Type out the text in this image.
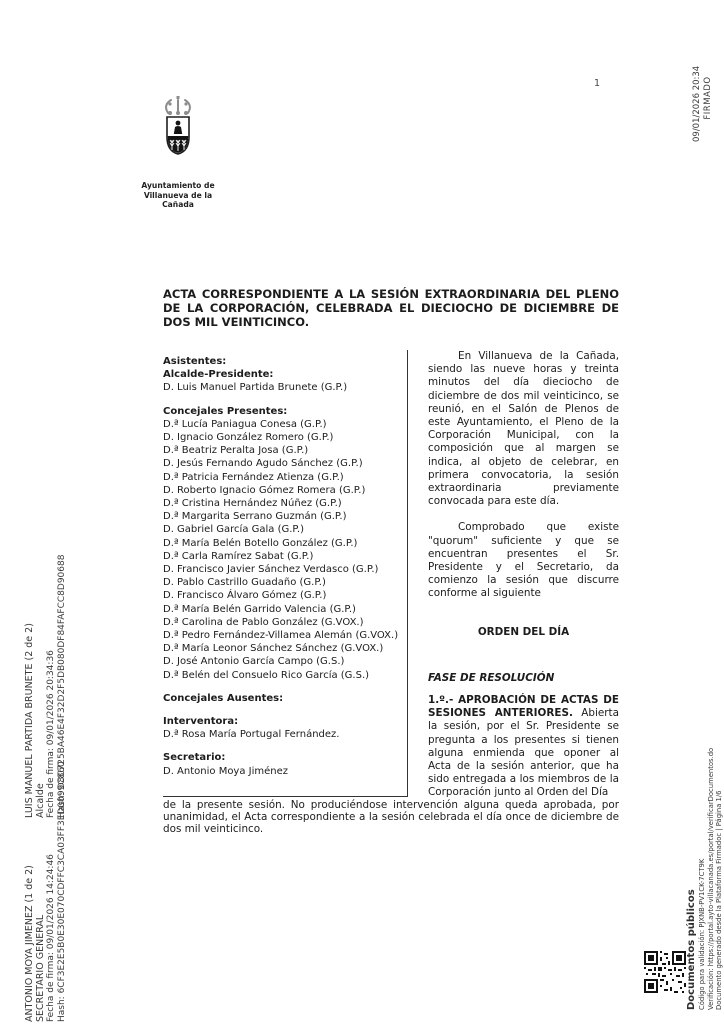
1	09/01/2026 20:34 FIRMADO
Ayuntamiento de
Villanueva de la Cañada
ACTA CORRESPONDIENTE A LA SESIÓN EXTRAORDINARIA DEL PLENO DE LA CORPORACIÓN, CELEBRADA EL DIECIOCHO DE DICIEMBRE DE DOS MIL VEINTICINCO.
Asistentes:
Alcalde-Presidente:
D. Luis Manuel Partida Brunete (G.P.)
Concejales Presentes:
D.ª Lucía Paniagua Conesa (G.P.)
D. Ignacio González Romero (G.P.)
D.ª Beatriz Peralta Josa (G.P.)
D. Jesús Fernando Agudo Sánchez (G.P.)
D.ª Patricia Fernández Atienza (G.P.)
D. Roberto Ignacio Gómez Romera (G.P.)
D.ª Cristina Hernández Núñez (G.P.)
D.ª Margarita Serrano Guzmán (G.P.)
D. Gabriel García Gala (G.P.)
D.ª María Belén Botello González (G.P.)
D.ª Carla Ramírez Sabat (G.P.)
D. Francisco Javier Sánchez Verdasco (G.P.)
D. Pablo Castrillo Guadaño (G.P.)
D. Francisco Álvaro Gómez (G.P.)
D.ª María Belén Garrido Valencia (G.P.)
D.ª Carolina de Pablo González (G.VOX.)
D.ª Pedro Fernández-Villamea Alemán (G.VOX.)
D.ª María Leonor Sánchez Sánchez (G.VOX.)
D. José Antonio García Campo (G.S.)
D.ª Belén del Consuelo Rico García (G.S.)
Concejales Ausentes:
Interventora:
D.ª Rosa María Portugal Fernández.
Secretario:
D. Antonio Moya Jiménez

En Villanueva de la Cañada, siendo las nueve horas y treinta minutos del día dieciocho de diciembre de dos mil veinticinco, se reunió, en el Salón de Plenos de este Ayuntamiento, el Pleno de la Corporación Municipal, con la composición que al margen se indica, al objeto de celebrar, en primera convocatoria, la sesión extraordinaria previamente convocada para este día.

Comprobado que existe "quorum" suficiente y que se encuentran presentes el Sr. Presidente y el Secretario, da comienzo la sesión que discurre conforme al siguiente

ORDEN DEL DÍA

FASE DE RESOLUCIÓN

1.º.- APROBACIÓN DE ACTAS DE SESIONES ANTERIORES. Abierta la sesión, por el Sr. Presidente se pregunta a los presentes si tienen alguna enmienda que oponer al Acta de la sesión anterior, que ha sido entregada a los miembros de la Corporación junto al Orden del Día

de la presente sesión. No produciéndose intervención alguna queda aprobada, por unanimidad, el Acta correspondiente a la sesión celebrada el día once de diciembre de dos mil veinticinco.
LUIS MANUEL PARTIDA BRUNETE (2 de 2) Alcalde Fecha de firma: 09/01/2026 20:34:36 Hash: D8C725BA46E4F32D2F5DB080DF84FAFCC8D90688
ANTONIO MOYA JIMENEZ (1 de 2) SECRETARIO GENERAL Fecha de firma: 09/01/2026 14:24:46 Hash: 6CF3E2E5B0E30E070CDFFC3CA03FF3ED0099C860	Documentos públicos Código para validación: PJXNB-PV1CK-7CT9K Verificación: https://portal.ayto-villacanada.es/portal/verificarDocumentos.do Documento generado desde la Plataforma Firmadoc | Página 1/6
